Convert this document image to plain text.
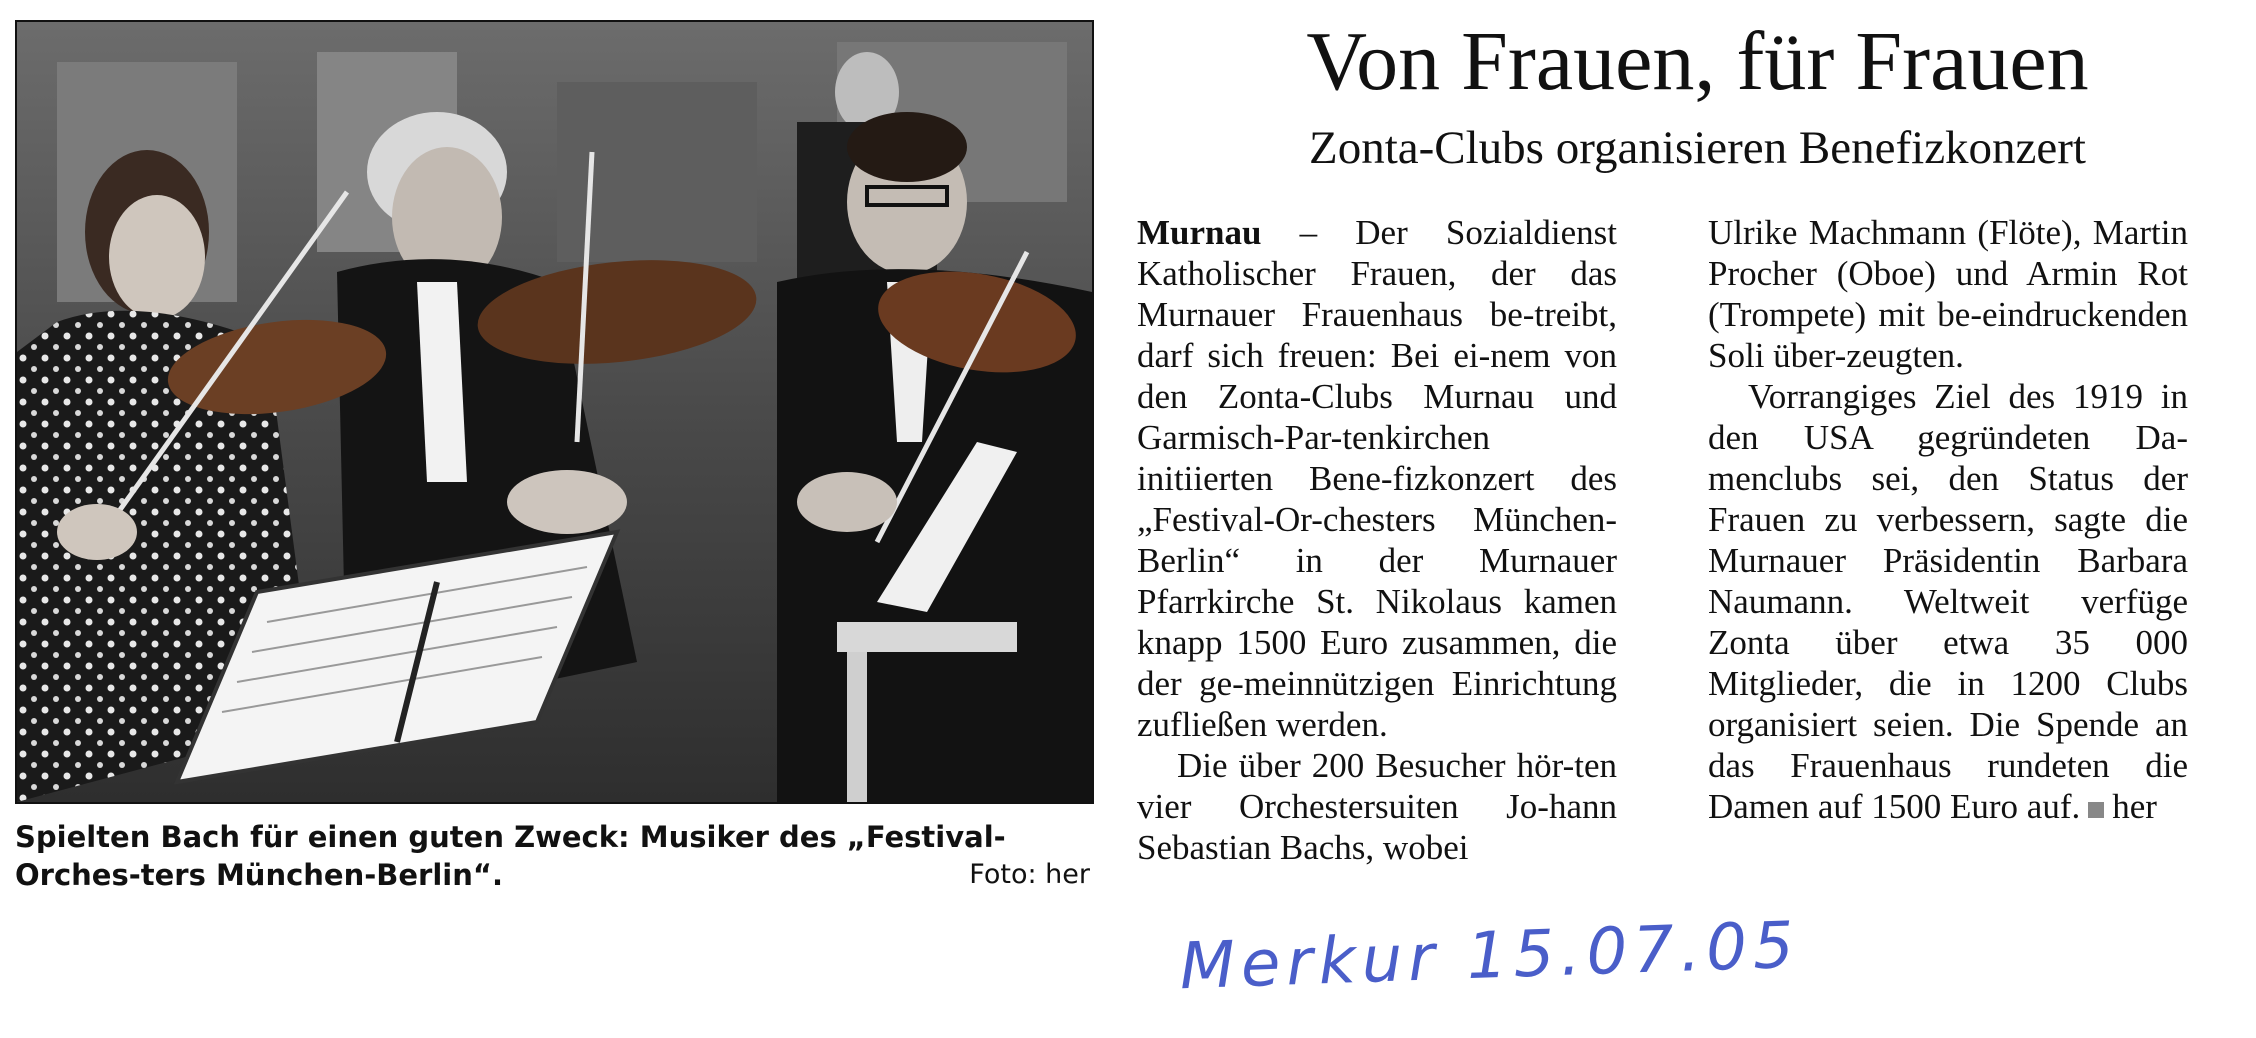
Spielten Bach für einen guten Zweck: Musiker des „Festival-Orches-ters München-Berlin“.	Foto: her
Von Frauen, für Frauen
Zonta-Clubs organisieren Benefizkonzert

Murnau – Der Sozialdienst Katholischer Frauen, der das Murnauer Frauenhaus be-treibt, darf sich freuen: Bei ei-nem von den Zonta-Clubs Murnau und Garmisch-Par-tenkirchen initiierten Bene-fizkonzert des „Festival-Or-chesters München-Berlin“ in der Murnauer Pfarrkirche St. Nikolaus kamen knapp 1500 Euro zusammen, die der ge-meinnützigen Einrichtung zufließen werden.

Die über 200 Besucher hör-ten vier Orchestersuiten Jo-hann Sebastian Bachs, wobei

Ulrike Machmann (Flöte), Martin Procher (Oboe) und Armin Rot (Trompete) mit be-eindruckenden Soli über-zeugten.

Vorrangiges Ziel des 1919 in den USA gegründeten Da-menclubs sei, den Status der Frauen zu verbessern, sagte die Murnauer Präsidentin Barbara Naumann. Weltweit verfüge Zonta über etwa 35 000 Mitglieder, die in 1200 Clubs organisiert seien. Die Spende an das Frauenhaus rundeten die Damen auf 1500 Euro auf. her

Merkur 15.07.05
